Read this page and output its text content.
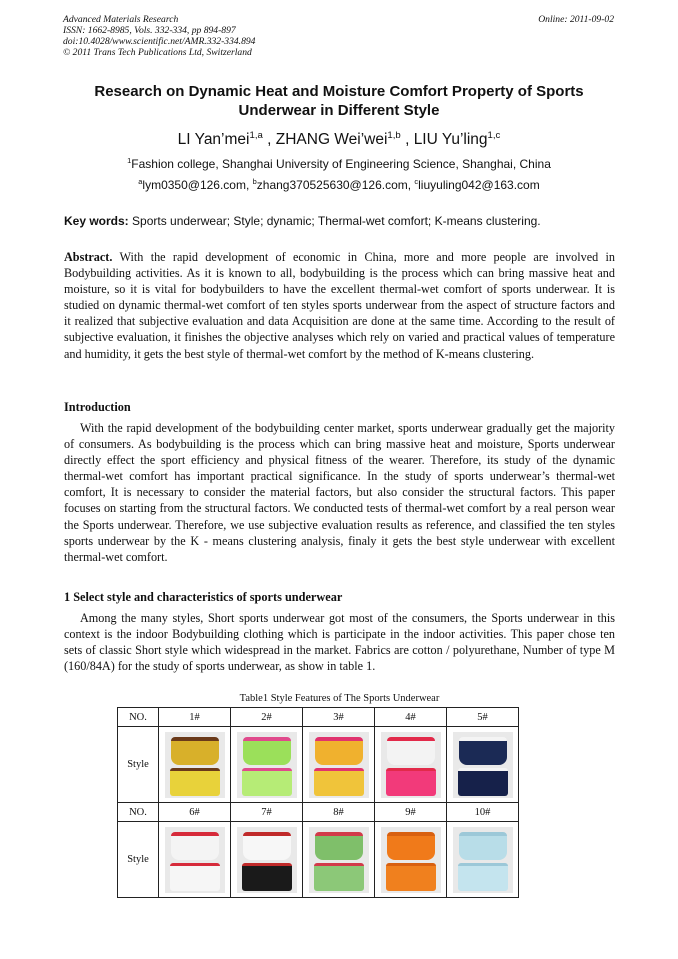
Advanced Materials Research
ISSN: 1662-8985, Vols. 332-334, pp 894-897
doi:10.4028/www.scientific.net/AMR.332-334.894
© 2011 Trans Tech Publications Ltd, Switzerland
Online: 2011-09-02
Research on Dynamic Heat and Moisture Comfort Property of Sports
Underwear in Different Style
LI Yan’mei$^{1,a}$ , ZHANG Wei’wei$^{1,b}$ , LIU Yu’ling$^{1,c}$
$^1$Fashion college, Shanghai University of Engineering Science, Shanghai, China
$^a$lym0350@126.com, $^b$zhang370525630@126.com, $^c$liuyuling042@163.com
Key words: Sports underwear; Style; dynamic; Thermal-wet comfort; K-means clustering.
Abstract. With the rapid development of economic in China, more and more people are involved in Bodybuilding activities. As it is known to all, bodybuilding is the process which can bring massive heat and moisture, so it is vital for bodybuilders to have the excellent thermal-wet comfort of sports underwear. It is studied on dynamic thermal-wet comfort of ten styles sports underwear from the aspect of structure factors and it realized that subjective evaluation and data Acquisition are done at the same time. According to the result of subjective evaluation, it finishes the objective analyses which rely on varied and practical values of temperature and humidity, it gets the best style of thermal-wet comfort by the method of K-means clustering.
Introduction
With the rapid development of the bodybuilding center market, sports underwear gradually get the majority of consumers. As bodybuilding is the process which can bring massive heat and moisture, Sports underwear directly effect the sport efficiency and physical fitness of the wearer. Therefore, its study of the dynamic thermal-wet comfort has important practical significance. In the study of sports underwear’s thermal-wet comfort, It is necessary to consider the material factors, but also consider the structural factors. This paper focuses on starting from the structural factors. We conducted tests of thermal-wet comfort by a real person wear the Sports underwear. Therefore, we use subjective evaluation results as reference, and classified the ten styles sports underwear by the K - means clustering analysis, finaly it gets the best style underwear with excellent thermal-wet comfort.
1 Select style and characteristics of sports underwear
Among the many styles, Short sports underwear got most of the consumers, the Sports underwear in this context is the indoor Bodybuilding clothing which is participate in the indoor activities. This paper chose ten sets of classic Short style which widespread in the market. Fabrics are cotton / polyurethane, Number of type M (160/84A) for the study of sports underwear, as show in table 1.
Table1 Style Features of The Sports Underwear
NO.	1#	2#	3#	4#	5#
Style	

NO.	6#	7#	8#	9#	10#
Style	
